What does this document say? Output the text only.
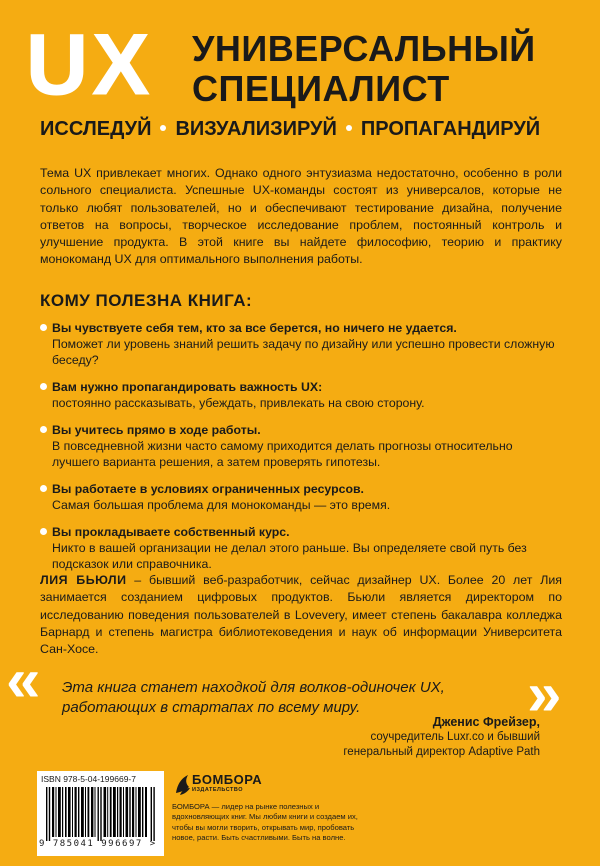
UX УНИВЕРСАЛЬНЫЙ
СПЕЦИАЛИСТ
ИССЛЕДУЙ ВИЗУАЛИЗИРУЙ ПРОПАГАНДИРУЙ
Тема UX привлекает многих. Однако одного энтузиазма недостаточно, особенно в роли сольного специалиста. Успешные UX-команды состоят из универсалов, которые не только любят пользователей, но и обеспечивают тестирование дизайна, получение ответов на вопросы, творческое исследование проблем, постоянный контроль и улучшение продукта. В этой книге вы найдете философию, теорию и практику монокоманд UX для оптимального выполнения работы.
КОМУ ПОЛЕЗНА КНИГА:
Вы чувствуете себя тем, кто за все берется, но ничего не удается.
Поможет ли уровень знаний решить задачу по дизайну или успешно провести сложную беседу?
Вам нужно пропагандировать важность UX:
постоянно рассказывать, убеждать, привлекать на свою сторону.
Вы учитесь прямо в ходе работы.
В повседневной жизни часто самому приходится делать прогнозы относительно лучшего варианта решения, а затем проверять гипотезы.
Вы работаете в условиях ограниченных ресурсов.
Самая большая проблема для монокоманды — это время.
Вы прокладываете собственный курс.
Никто в вашей организации не делал этого раньше. Вы определяете свой путь без подсказок или справочника.
ЛИЯ БЬЮЛИ – бывший веб-разработчик, сейчас дизайнер UX. Более 20 лет Лия занимается созданием цифровых продуктов. Бьюли является директором по исследованию поведения пользователей в Lovevery, имеет степень бакалавра колледжа Барнард и степень магистра библиотековедения и наук об информации Университета Сан-Хосе.
«	»
Эта книга станет находкой для волков-одиночек UX, работающих в стартапах по всему миру.
Дженис Фрейзер,
соучредитель Luxr.co и бывший
генеральный директор Adaptive Path
ISBN 978-5-04-199669-7
9 785041 996697 >
БОМБОРА
ИЗДАТЕЛЬСТВО
БОМБОРА — лидер на рынке полезных и вдохновляющих книг. Мы любим книги и создаем их, чтобы вы могли творить, открывать мир, пробовать новое, расти. Быть счастливыми. Быть на волне.
